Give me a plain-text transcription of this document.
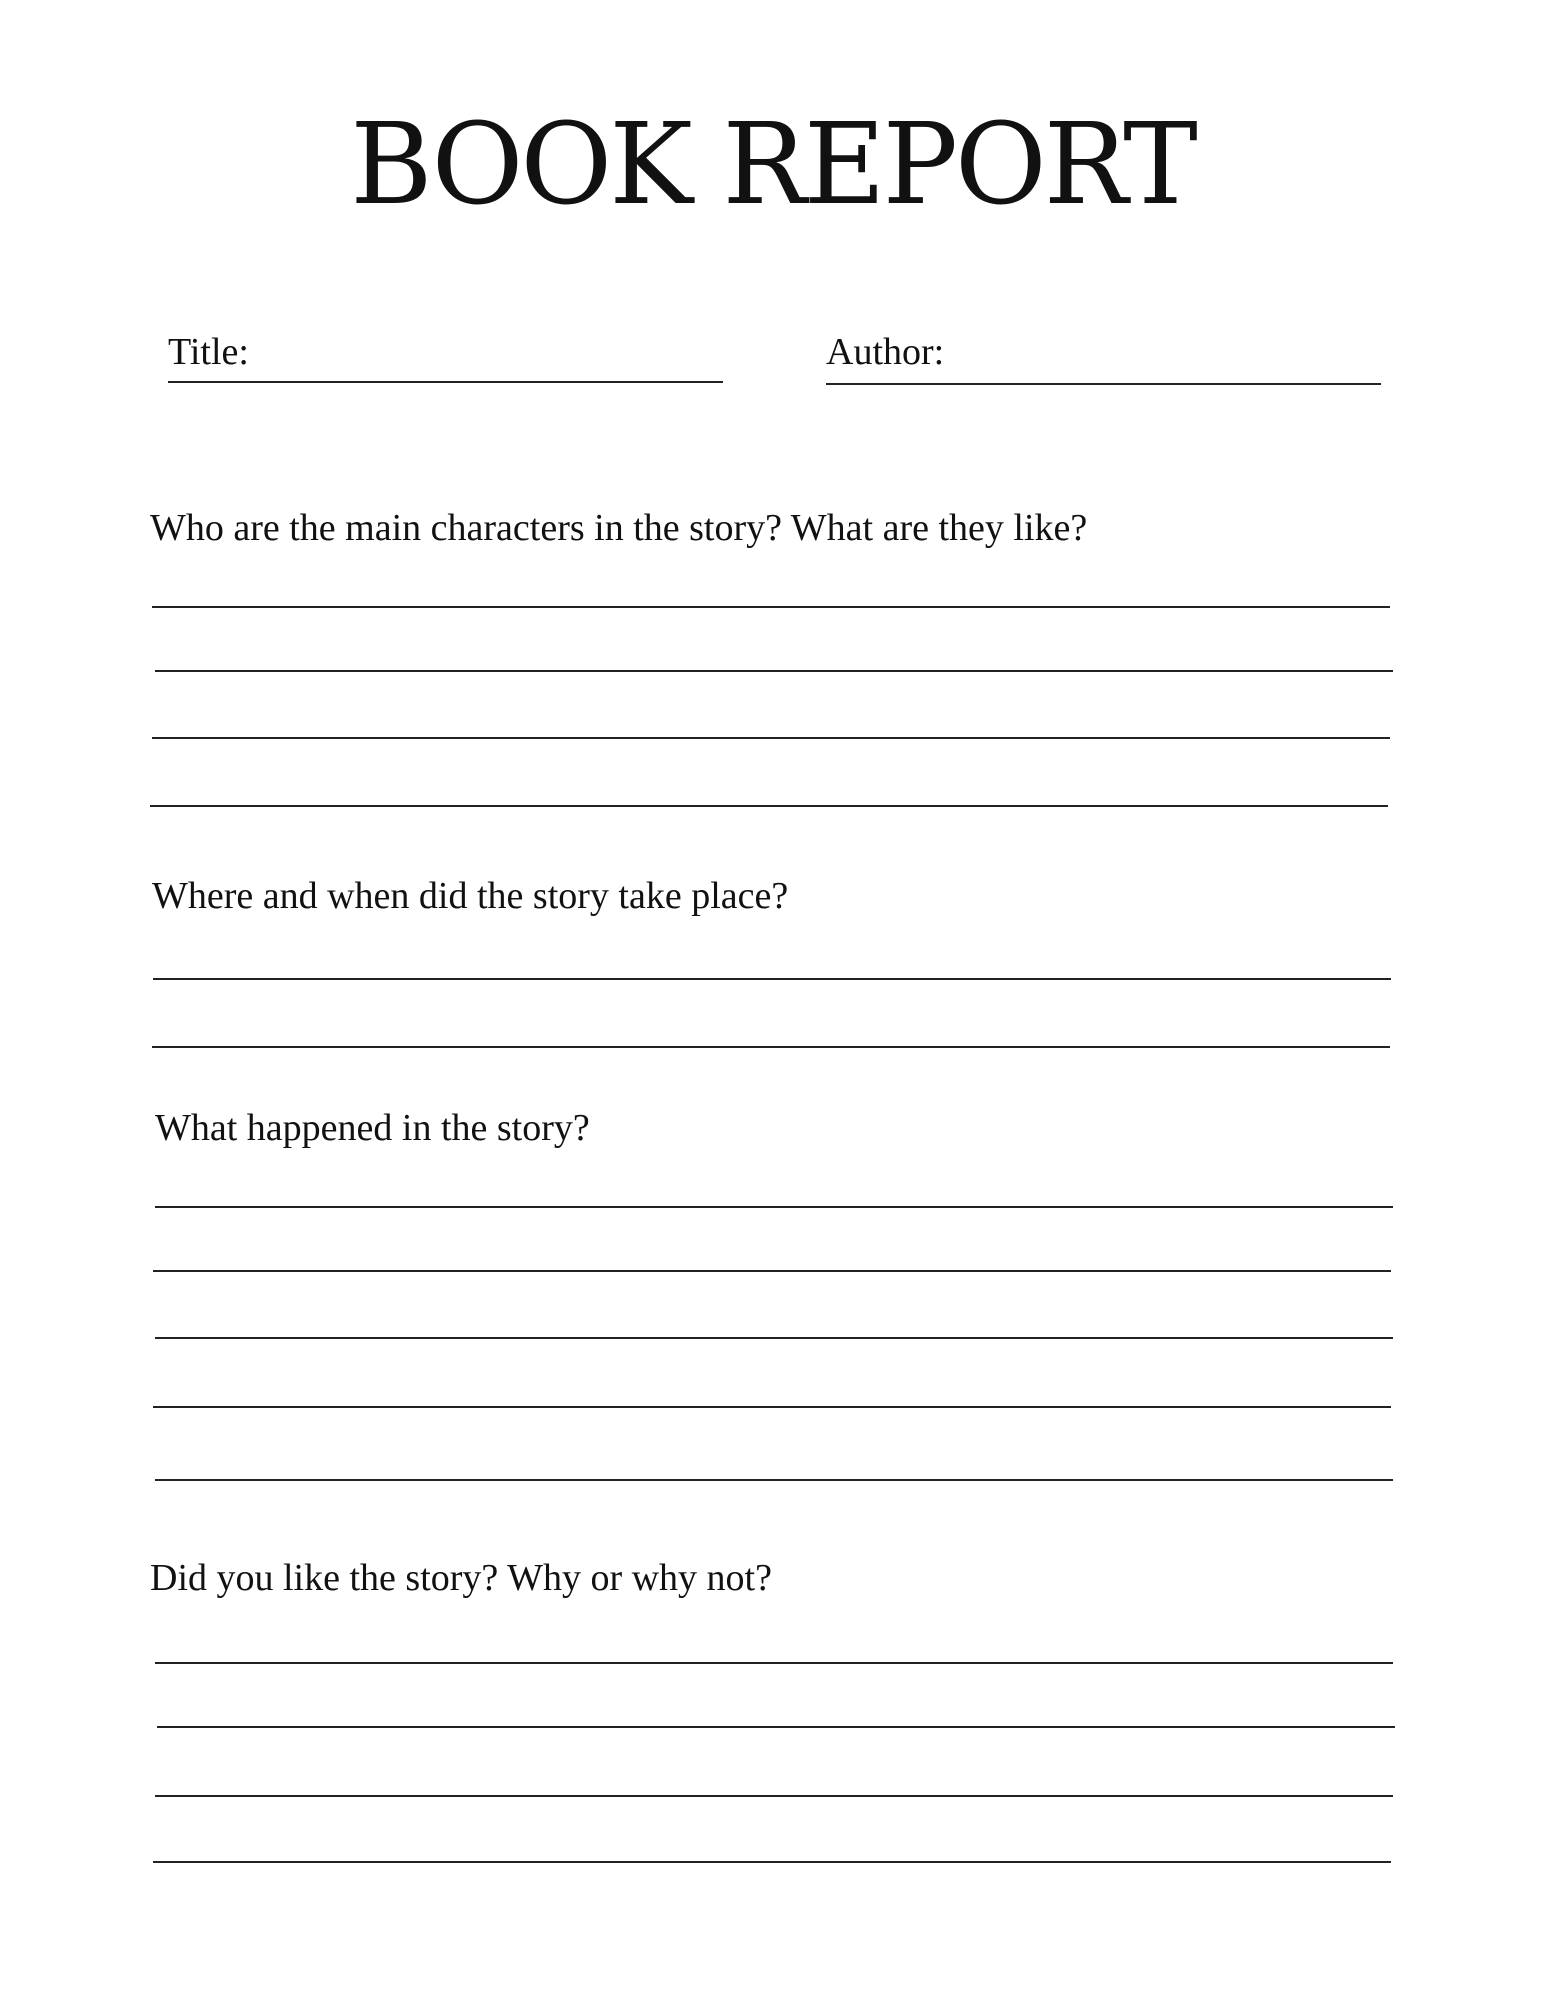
BOOK REPORT
Title:	Author:

Who are the main characters in the story? What are they like?

Where and when did the story take place?

What happened in the story?

Did you like the story? Why or why not?
